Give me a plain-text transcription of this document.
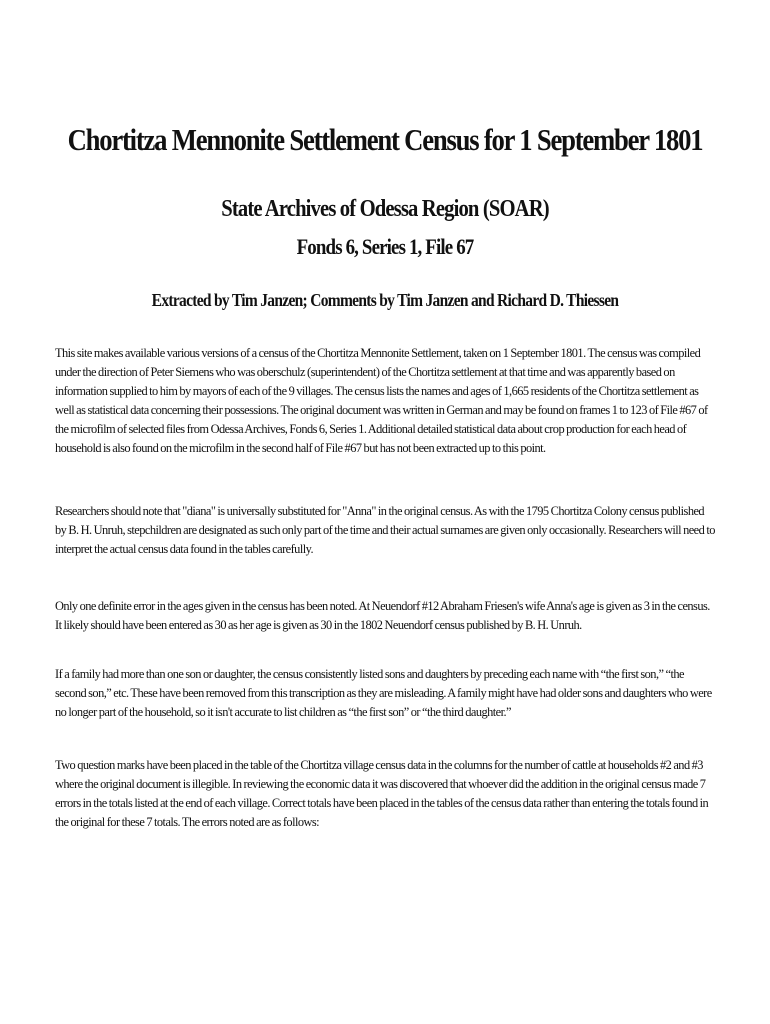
Chortitza Mennonite Settlement Census for 1 September 1801
State Archives of Odessa Region (SOAR)
Fonds 6, Series 1, File 67
Extracted by Tim Janzen; Comments by Tim Janzen and Richard D. Thiessen

This site makes available various versions of a census of the Chortitza Mennonite Settlement, taken on 1 September 1801. The census was compiled under the direction of Peter Siemens who was oberschulz (superintendent) of the Chortitza settlement at that time and was apparently based on information supplied to him by mayors of each of the 9 villages. The census lists the names and ages of 1,665 residents of the Chortitza settlement as well as statistical data concerning their possessions. The original document was written in German and may be found on frames 1 to 123 of File #67 of the microfilm of selected files from Odessa Archives, Fonds 6, Series 1. Additional detailed statistical data about crop production for each head of household is also found on the microfilm in the second half of File #67 but has not been extracted up to this point.

Researchers should note that "diana" is universally substituted for "Anna" in the original census. As with the 1795 Chortitza Colony census published by B. H. Unruh, stepchildren are designated as such only part of the time and their actual surnames are given only occasionally. Researchers will need to interpret the actual census data found in the tables carefully.

Only one definite error in the ages given in the census has been noted. At Neuendorf #12 Abraham Friesen's wife Anna's age is given as 3 in the census. It likely should have been entered as 30 as her age is given as 30 in the 1802 Neuendorf census published by B. H. Unruh.

If a family had more than one son or daughter, the census consistently listed sons and daughters by preceding each name with “the first son,” “the second son,” etc. These have been removed from this transcription as they are misleading. A family might have had older sons and daughters who were no longer part of the household, so it isn't accurate to list children as “the first son” or “the third daughter.”

Two question marks have been placed in the table of the Chortitza village census data in the columns for the number of cattle at households #2 and #3 where the original document is illegible. In reviewing the economic data it was discovered that whoever did the addition in the original census made 7 errors in the totals listed at the end of each village. Correct totals have been placed in the tables of the census data rather than entering the totals found in the original for these 7 totals. The errors noted are as follows:
